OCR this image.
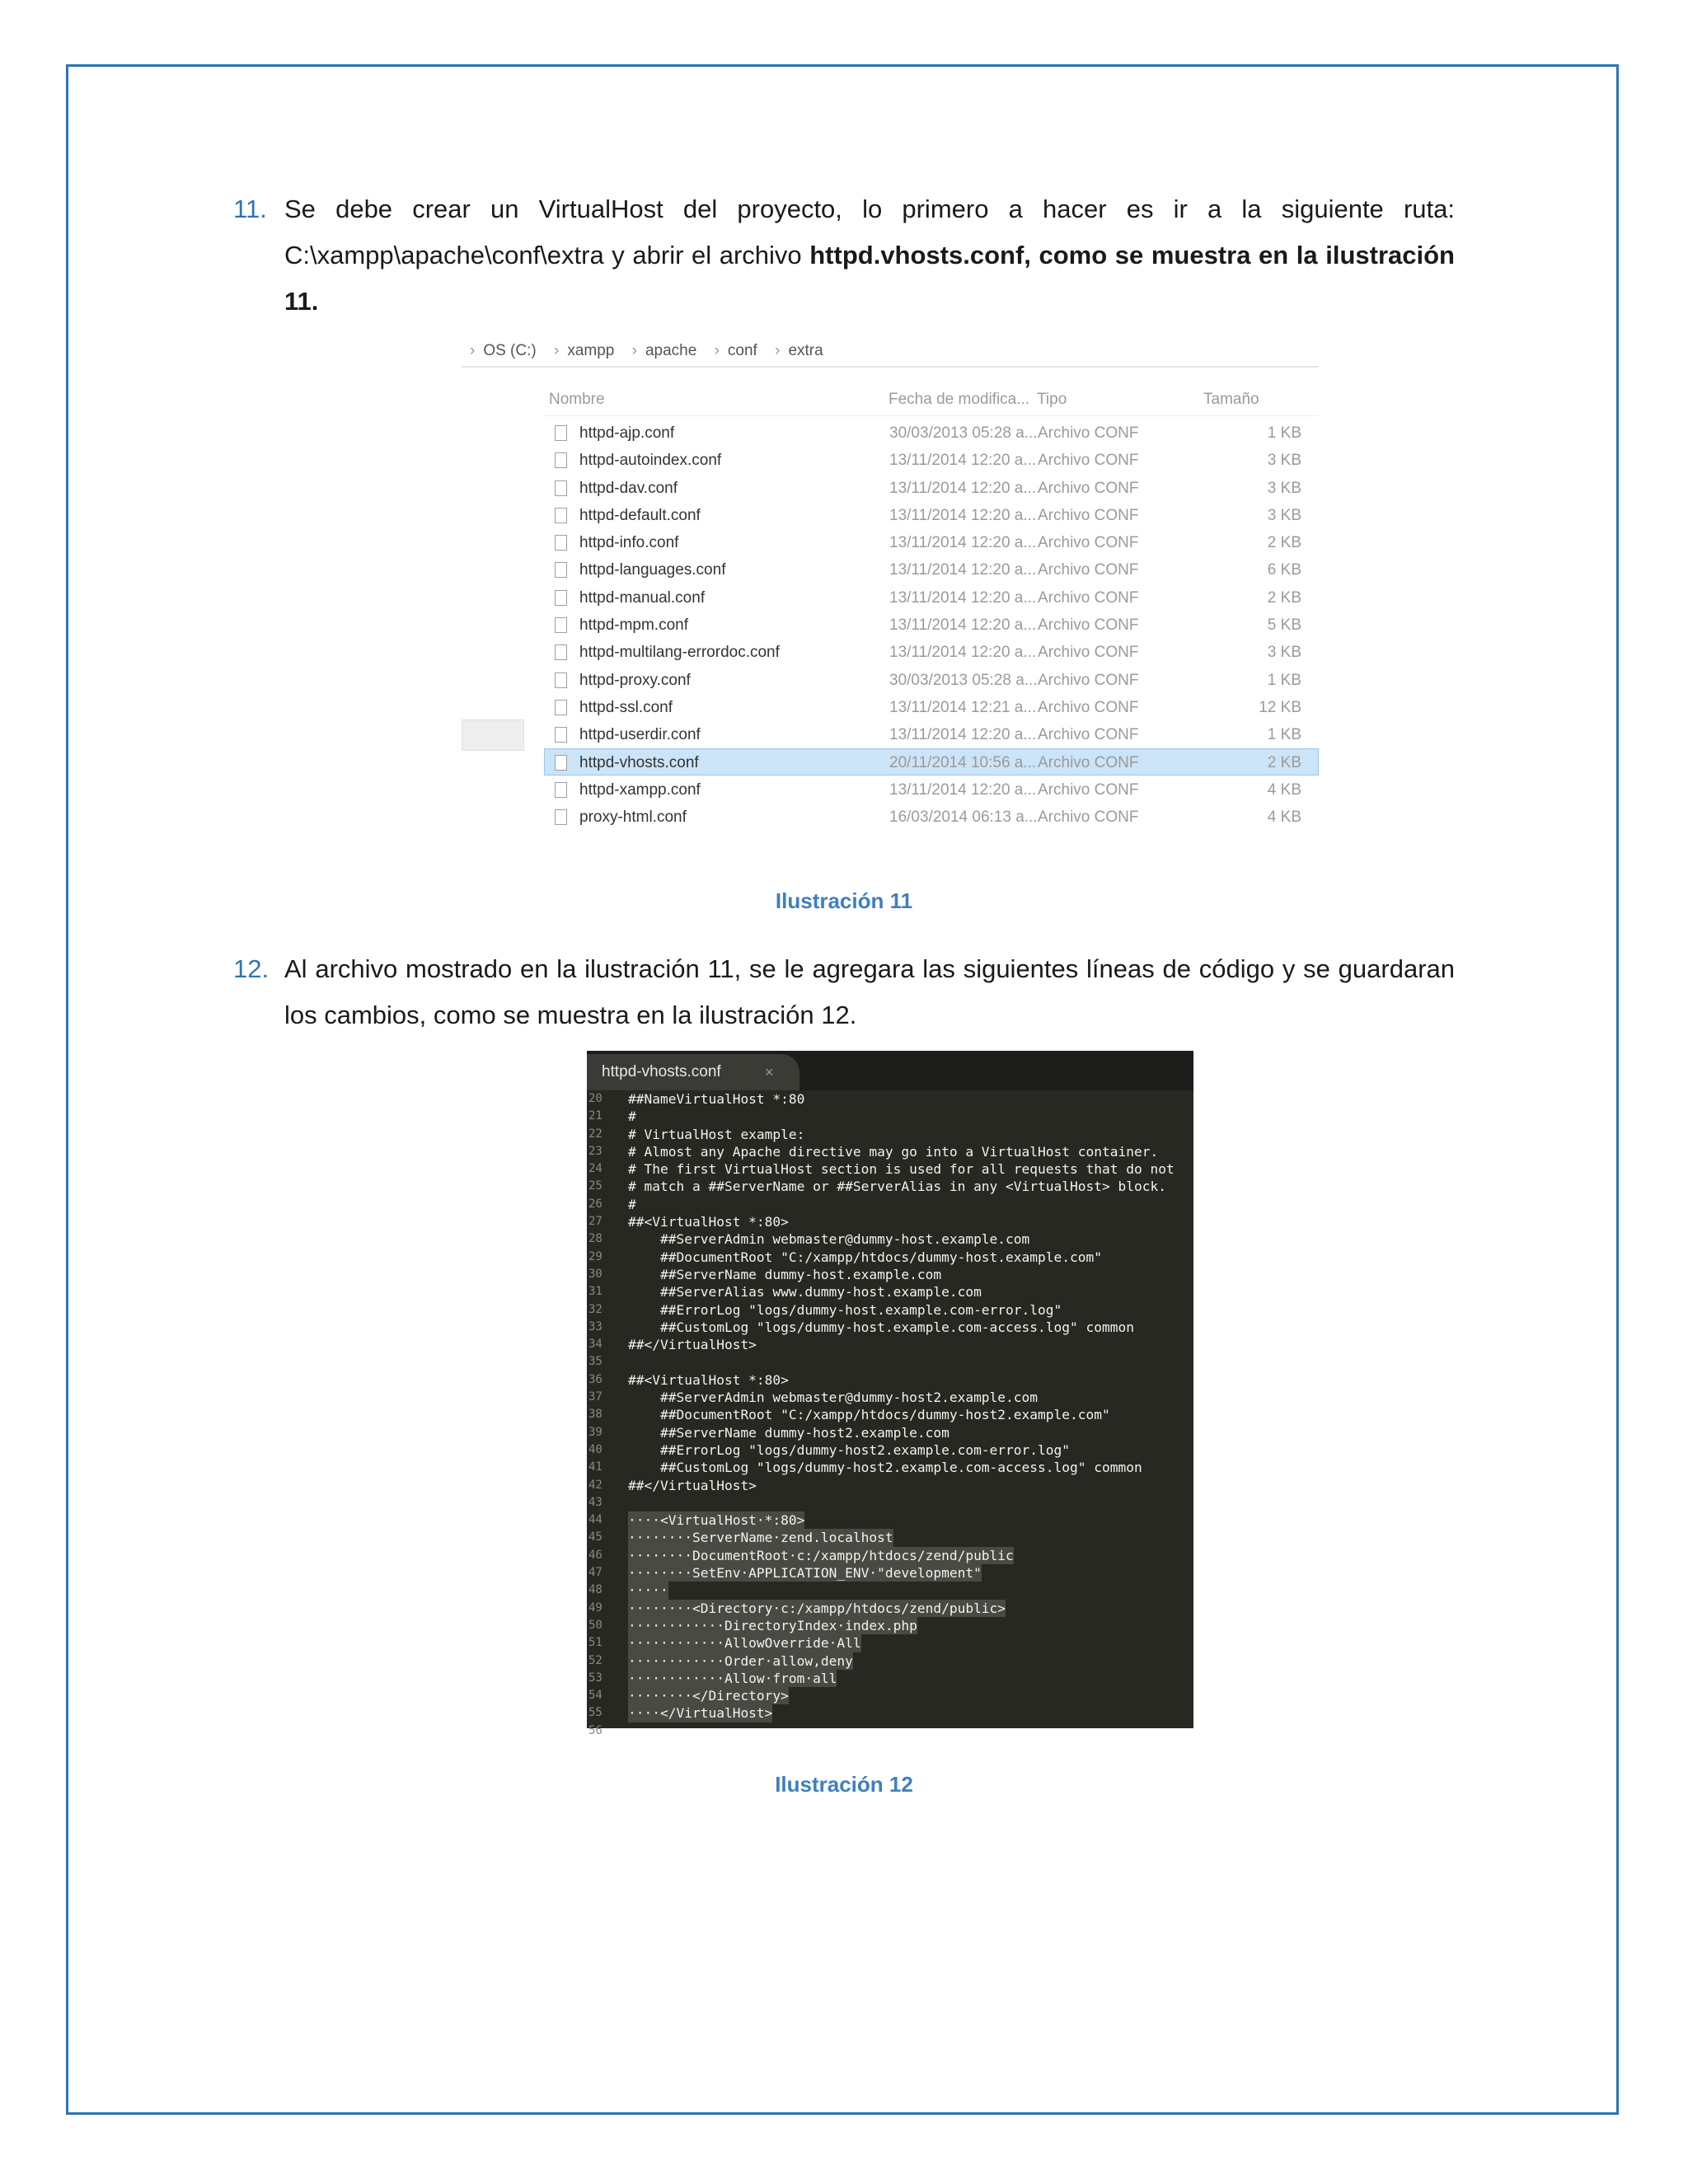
11. Se debe crear un VirtualHost del proyecto, lo primero a hacer es ir a la siguiente ruta: C:\xampp\apache\conf\extra y abrir el archivo httpd.vhosts.conf, como se muestra en la ilustración 11.
› OS (C:) › xampp › apache › conf › extra
Nombre	Fecha de modifica... Tipo	Tamaño
httpd-ajp.conf	30/03/2013 05:28 a... Archivo CONF	1 KB
httpd-autoindex.conf	13/11/2014 12:20 a... Archivo CONF	3 KB
httpd-dav.conf	13/11/2014 12:20 a... Archivo CONF	3 KB
httpd-default.conf	13/11/2014 12:20 a... Archivo CONF	3 KB
httpd-info.conf	13/11/2014 12:20 a... Archivo CONF	2 KB
httpd-languages.conf	13/11/2014 12:20 a... Archivo CONF	6 KB
httpd-manual.conf	13/11/2014 12:20 a... Archivo CONF	2 KB
httpd-mpm.conf	13/11/2014 12:20 a... Archivo CONF	5 KB
httpd-multilang-errordoc.conf	13/11/2014 12:20 a... Archivo CONF	3 KB
httpd-proxy.conf	30/03/2013 05:28 a... Archivo CONF	1 KB
httpd-ssl.conf	13/11/2014 12:21 a... Archivo CONF	12 KB
httpd-userdir.conf	13/11/2014 12:20 a... Archivo CONF	1 KB
httpd-vhosts.conf	20/11/2014 10:56 a... Archivo CONF	2 KB
httpd-xampp.conf	13/11/2014 12:20 a... Archivo CONF	4 KB
proxy-html.conf	16/03/2014 06:13 a... Archivo CONF	4 KB
Ilustración 11
12. Al archivo mostrado en la ilustración 11, se le agregara las siguientes líneas de código y se guardaran los cambios, como se muestra en la ilustración 12.
httpd-vhosts.conf	×
20	##NameVirtualHost *:80
21	#
22	# VirtualHost example:
23	# Almost any Apache directive may go into a VirtualHost container.
24	# The first VirtualHost section is used for all requests that do not
25	# match a ##ServerName or ##ServerAlias in any <VirtualHost> block.
26	#
27	##<VirtualHost *:80>
28	##ServerAdmin webmaster@dummy-host.example.com
29	##DocumentRoot "C:/xampp/htdocs/dummy-host.example.com"
30	##ServerName dummy-host.example.com
31	##ServerAlias www.dummy-host.example.com
32	##ErrorLog "logs/dummy-host.example.com-error.log"
33	##CustomLog "logs/dummy-host.example.com-access.log" common
34	##</VirtualHost>
35
36	##<VirtualHost *:80>
37	##ServerAdmin webmaster@dummy-host2.example.com
38	##DocumentRoot "C:/xampp/htdocs/dummy-host2.example.com"
39	##ServerName dummy-host2.example.com
40	##ErrorLog "logs/dummy-host2.example.com-error.log"
41	##CustomLog "logs/dummy-host2.example.com-access.log" common
42	##</VirtualHost>
43
44	····<VirtualHost·*:80>
45	········ServerName·zend.localhost
46	········DocumentRoot·c:/xampp/htdocs/zend/public
47	········SetEnv·APPLICATION_ENV·"development"
48	·····
49	········<Directory·c:/xampp/htdocs/zend/public>
50	············DirectoryIndex·index.php
51	············AllowOverride·All
52	············Order·allow,deny
53	············Allow·from·all
54	········</Directory>
55	····</VirtualHost>
56
Ilustración 12
